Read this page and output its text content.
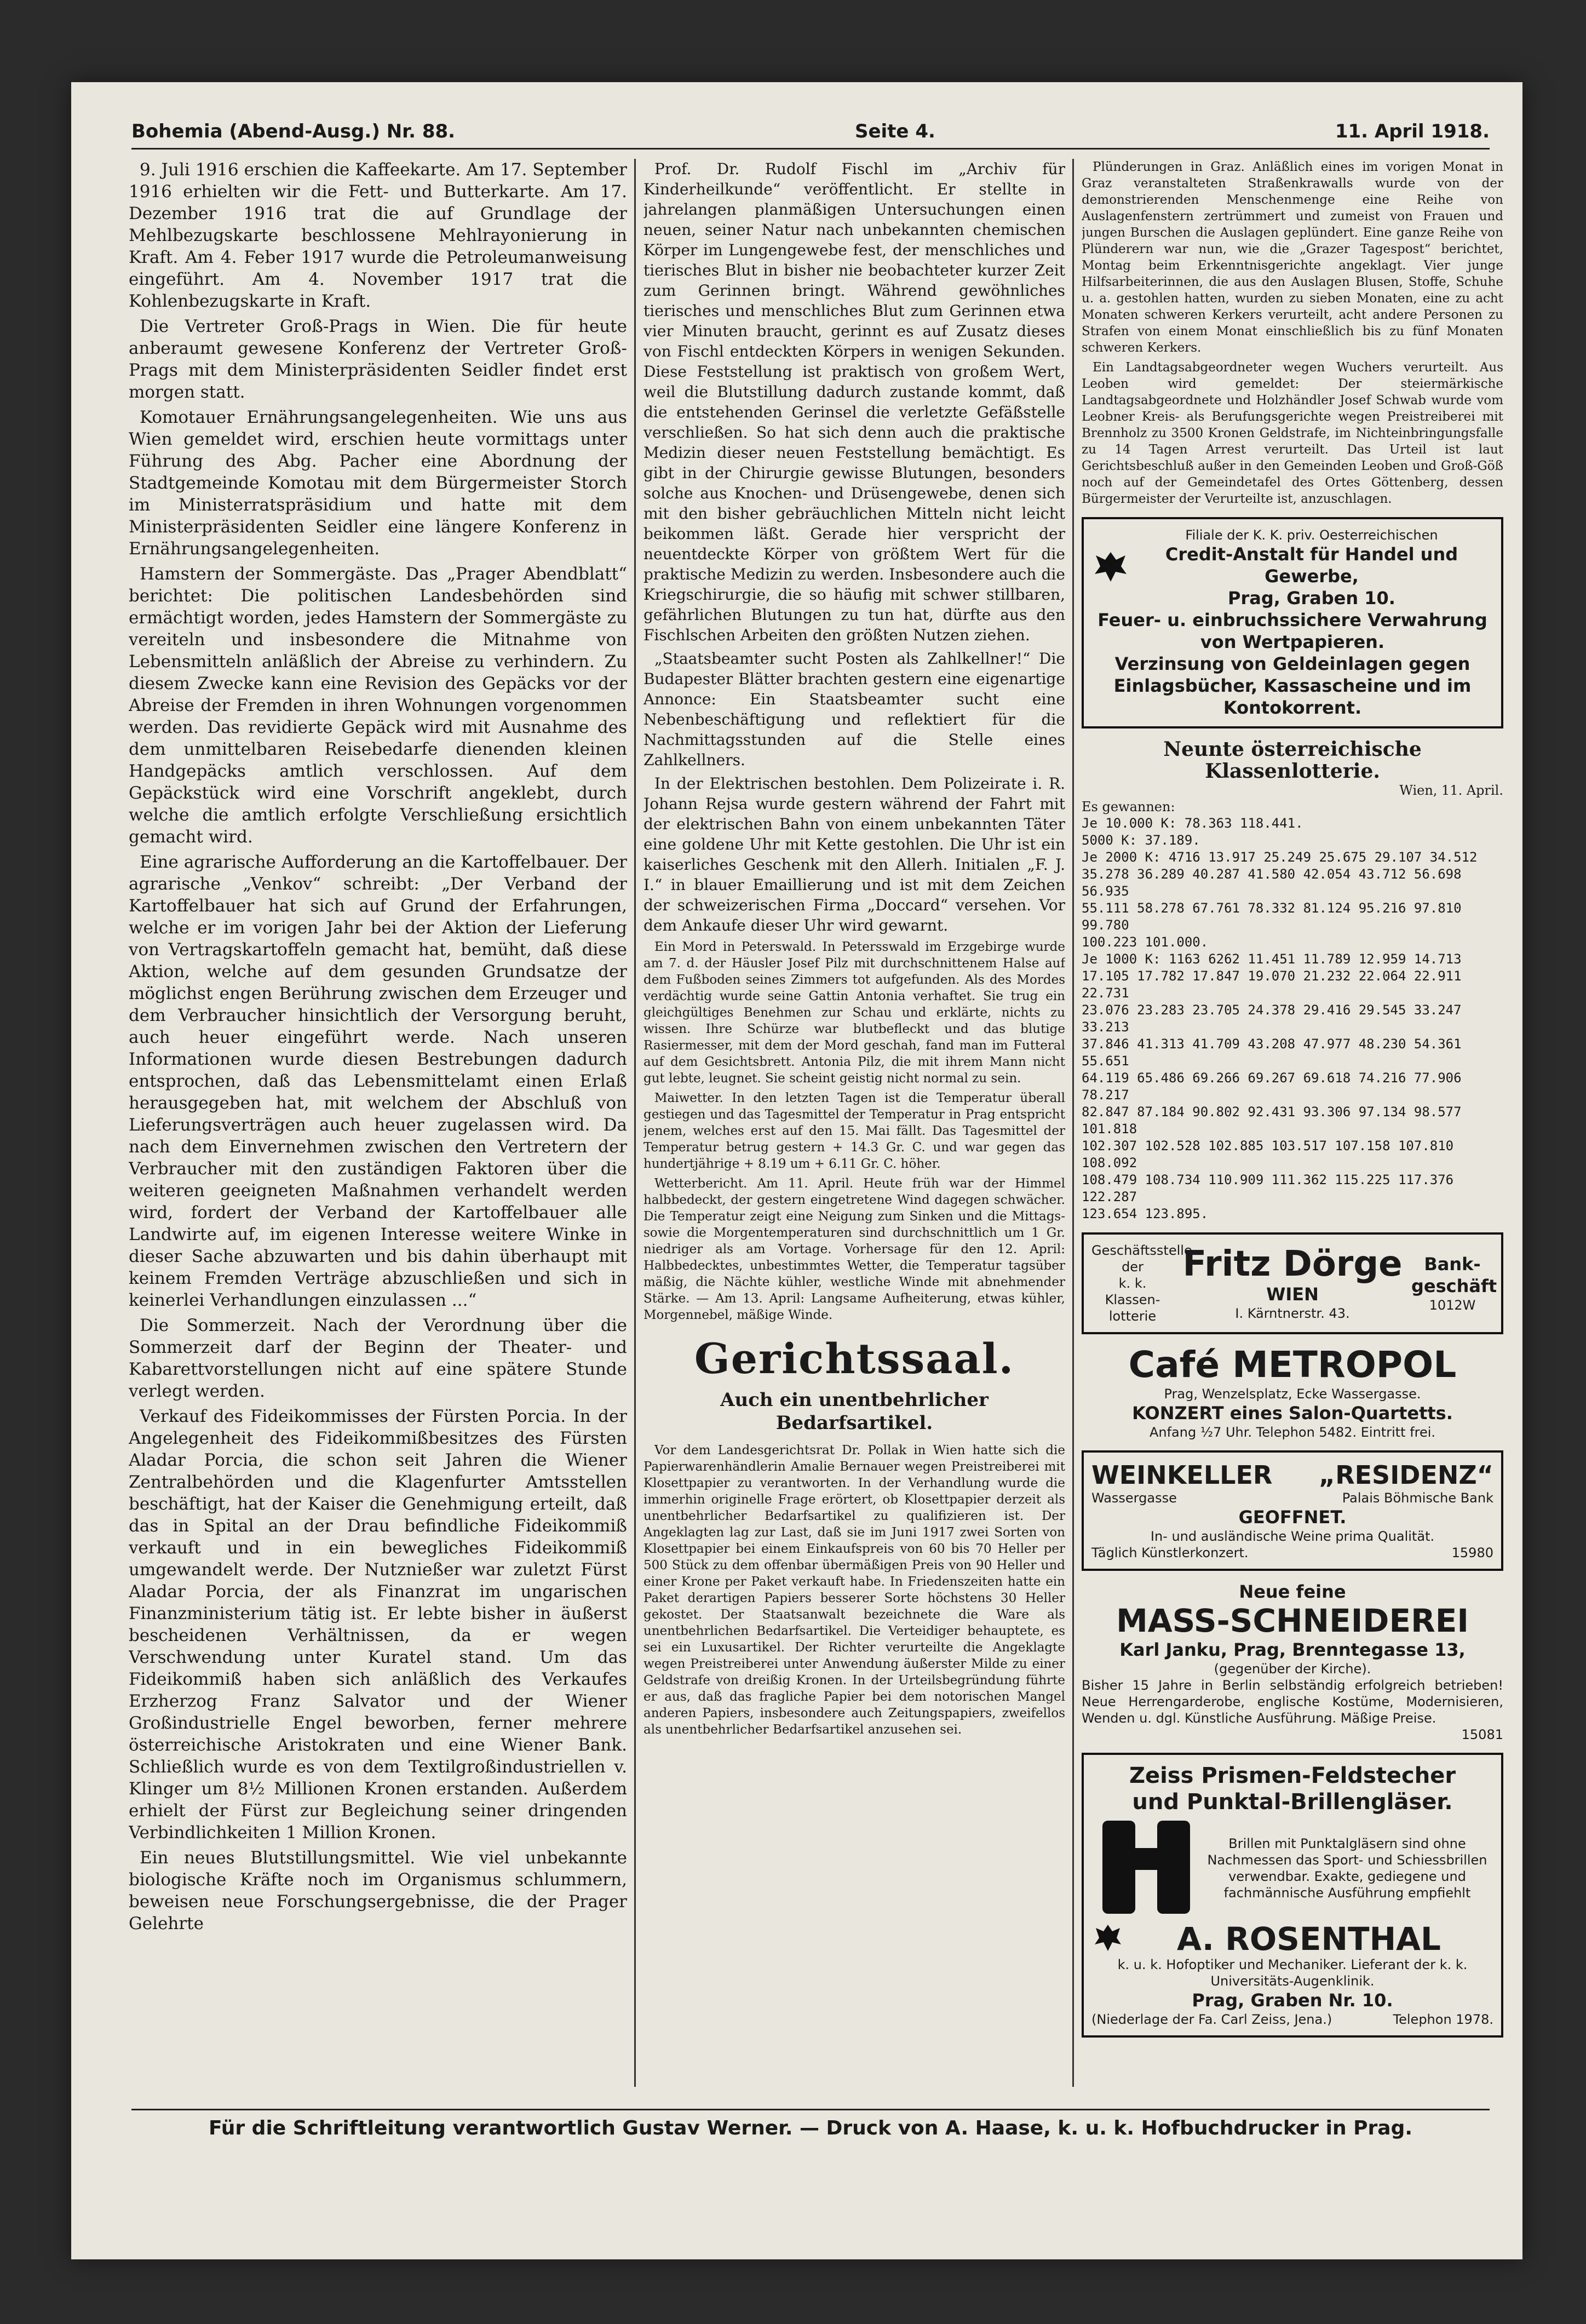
Bohemia (Abend-Ausg.) Nr. 88.	Seite 4.	11. April 1918.

9. Juli 1916 erschien die Kaffeekarte. Am 17. September 1916 erhielten wir die Fett- und Butterkarte. Am 17. Dezember 1916 trat die auf Grundlage der Mehlbezugskarte beschlossene Mehlrayonierung in Kraft. Am 4. Feber 1917 wurde die Petroleumanweisung eingeführt. Am 4. November 1917 trat die Kohlenbezugskarte in Kraft.

Die Vertreter Groß-Prags in Wien. Die für heute anberaumt gewesene Konferenz der Vertreter Groß-Prags mit dem Ministerpräsidenten Seidler findet erst morgen statt.

Komotauer Ernährungsangelegenheiten. Wie uns aus Wien gemeldet wird, erschien heute vormittags unter Führung des Abg. Pacher eine Abordnung der Stadtgemeinde Komotau mit dem Bürgermeister Storch im Ministerratspräsidium und hatte mit dem Ministerpräsidenten Seidler eine längere Konferenz in Ernährungsangelegenheiten.

Hamstern der Sommergäste. Das „Prager Abendblatt“ berichtet: Die politischen Landesbehörden sind ermächtigt worden, jedes Hamstern der Sommergäste zu vereiteln und insbesondere die Mitnahme von Lebensmitteln anläßlich der Abreise zu verhindern. Zu diesem Zwecke kann eine Revision des Gepäcks vor der Abreise der Fremden in ihren Wohnungen vorgenommen werden. Das revidierte Gepäck wird mit Ausnahme des dem unmittelbaren Reisebedarfe dienenden kleinen Handgepäcks amtlich verschlossen. Auf dem Gepäckstück wird eine Vorschrift angeklebt, durch welche die amtlich erfolgte Verschließung ersichtlich gemacht wird.

Eine agrarische Aufforderung an die Kartoffelbauer. Der agrarische „Venkov“ schreibt: „Der Verband der Kartoffelbauer hat sich auf Grund der Erfahrungen, welche er im vorigen Jahr bei der Aktion der Lieferung von Vertragskartoffeln gemacht hat, bemüht, daß diese Aktion, welche auf dem gesunden Grundsatze der möglichst engen Berührung zwischen dem Erzeuger und dem Verbraucher hinsichtlich der Versorgung beruht, auch heuer eingeführt werde. Nach unseren Informationen wurde diesen Bestrebungen dadurch entsprochen, daß das Lebensmittelamt einen Erlaß herausgegeben hat, mit welchem der Abschluß von Lieferungsverträgen auch heuer zugelassen wird. Da nach dem Einvernehmen zwischen den Vertretern der Verbraucher mit den zuständigen Faktoren über die weiteren geeigneten Maßnahmen verhandelt werden wird, fordert der Verband der Kartoffelbauer alle Landwirte auf, im eigenen Interesse weitere Winke in dieser Sache abzuwarten und bis dahin überhaupt mit keinem Fremden Verträge abzuschließen und sich in keinerlei Verhandlungen einzulassen ...“

Die Sommerzeit. Nach der Verordnung über die Sommerzeit darf der Beginn der Theater- und Kabarettvorstellungen nicht auf eine spätere Stunde verlegt werden.

Verkauf des Fideikommisses der Fürsten Porcia. In der Angelegenheit des Fideikommißbesitzes des Fürsten Aladar Porcia, die schon seit Jahren die Wiener Zentralbehörden und die Klagenfurter Amtsstellen beschäftigt, hat der Kaiser die Genehmigung erteilt, daß das in Spital an der Drau befindliche Fideikommiß verkauft und in ein bewegliches Fideikommiß umgewandelt werde. Der Nutznießer war zuletzt Fürst Aladar Porcia, der als Finanzrat im ungarischen Finanzministerium tätig ist. Er lebte bisher in äußerst bescheidenen Verhältnissen, da er wegen Verschwendung unter Kuratel stand. Um das Fideikommiß haben sich anläßlich des Verkaufes Erzherzog Franz Salvator und der Wiener Großindustrielle Engel beworben, ferner mehrere österreichische Aristokraten und eine Wiener Bank. Schließlich wurde es von dem Textilgroßindustriellen v. Klinger um 8½ Millionen Kronen erstanden. Außerdem erhielt der Fürst zur Begleichung seiner dringenden Verbindlichkeiten 1 Million Kronen.

Ein neues Blutstillungsmittel. Wie viel unbekannte biologische Kräfte noch im Organismus schlummern, beweisen neue Forschungsergebnisse, die der Prager Gelehrte

Prof. Dr. Rudolf Fischl im „Archiv für Kinderheilkunde“ veröffentlicht. Er stellte in jahrelangen planmäßigen Untersuchungen einen neuen, seiner Natur nach unbekannten chemischen Körper im Lungengewebe fest, der menschliches und tierisches Blut in bisher nie beobachteter kurzer Zeit zum Gerinnen bringt. Während gewöhnliches tierisches und menschliches Blut zum Gerinnen etwa vier Minuten braucht, gerinnt es auf Zusatz dieses von Fischl entdeckten Körpers in wenigen Sekunden. Diese Feststellung ist praktisch von großem Wert, weil die Blutstillung dadurch zustande kommt, daß die entstehenden Gerinsel die verletzte Gefäßstelle verschließen. So hat sich denn auch die praktische Medizin dieser neuen Feststellung bemächtigt. Es gibt in der Chirurgie gewisse Blutungen, besonders solche aus Knochen- und Drüsengewebe, denen sich mit den bisher gebräuchlichen Mitteln nicht leicht beikommen läßt. Gerade hier verspricht der neuentdeckte Körper von größtem Wert für die praktische Medizin zu werden. Insbesondere auch die Kriegschirurgie, die so häufig mit schwer stillbaren, gefährlichen Blutungen zu tun hat, dürfte aus den Fischlschen Arbeiten den größten Nutzen ziehen.

„Staatsbeamter sucht Posten als Zahlkellner!“ Die Budapester Blätter brachten gestern eine eigenartige Annonce: Ein Staatsbeamter sucht eine Nebenbeschäftigung und reflektiert für die Nachmittagsstunden auf die Stelle eines Zahlkellners.

In der Elektrischen bestohlen. Dem Polizeirate i. R. Johann Rejsa wurde gestern während der Fahrt mit der elektrischen Bahn von einem unbekannten Täter eine goldene Uhr mit Kette gestohlen. Die Uhr ist ein kaiserliches Geschenk mit den Allerh. Initialen „F. J. I.“ in blauer Emaillierung und ist mit dem Zeichen der schweizerischen Firma „Doccard“ versehen. Vor dem Ankaufe dieser Uhr wird gewarnt.

Ein Mord in Peterswald. In Petersswald im Erzgebirge wurde am 7. d. der Häusler Josef Pilz mit durchschnittenem Halse auf dem Fußboden seines Zimmers tot aufgefunden. Als des Mordes verdächtig wurde seine Gattin Antonia verhaftet. Sie trug ein gleichgültiges Benehmen zur Schau und erklärte, nichts zu wissen. Ihre Schürze war blutbefleckt und das blutige Rasiermesser, mit dem der Mord geschah, fand man im Futteral auf dem Gesichtsbrett. Antonia Pilz, die mit ihrem Mann nicht gut lebte, leugnet. Sie scheint geistig nicht normal zu sein.

Maiwetter. In den letzten Tagen ist die Temperatur überall gestiegen und das Tagesmittel der Temperatur in Prag entspricht jenem, welches erst auf den 15. Mai fällt. Das Tagesmittel der Temperatur betrug gestern + 14.3 Gr. C. und war gegen das hundertjährige + 8.19 um + 6.11 Gr. C. höher.

Wetterbericht. Am 11. April. Heute früh war der Himmel halbbedeckt, der gestern eingetretene Wind dagegen schwächer. Die Temperatur zeigt eine Neigung zum Sinken und die Mittags- sowie die Morgentemperaturen sind durchschnittlich um 1 Gr. niedriger als am Vortage. Vorhersage für den 12. April: Halbbedecktes, unbestimmtes Wetter, die Temperatur tagsüber mäßig, die Nächte kühler, westliche Winde mit abnehmender Stärke. — Am 13. April: Langsame Aufheiterung, etwas kühler, Morgennebel, mäßige Winde.

Gerichtssaal.
Auch ein unentbehrlicher Bedarfsartikel.

Vor dem Landesgerichtsrat Dr. Pollak in Wien hatte sich die Papierwarenhändlerin Amalie Bernauer wegen Preistreiberei mit Klosettpapier zu verantworten. In der Verhandlung wurde die immerhin originelle Frage erörtert, ob Klosettpapier derzeit als unentbehrlicher Bedarfsartikel zu qualifizieren ist. Der Angeklagten lag zur Last, daß sie im Juni 1917 zwei Sorten von Klosettpapier bei einem Einkaufspreis von 60 bis 70 Heller per 500 Stück zu dem offenbar übermäßigen Preis von 90 Heller und einer Krone per Paket verkauft habe. In Friedenszeiten hatte ein Paket derartigen Papiers besserer Sorte höchstens 30 Heller gekostet. Der Staatsanwalt bezeichnete die Ware als unentbehrlichen Bedarfsartikel. Die Verteidiger behauptete, es sei ein Luxusartikel. Der Richter verurteilte die Angeklagte wegen Preistreiberei unter Anwendung äußerster Milde zu einer Geldstrafe von dreißig Kronen. In der Urteilsbegründung führte er aus, daß das fragliche Papier bei dem notorischen Mangel anderen Papiers, insbesondere auch Zeitungspapiers, zweifellos als unentbehrlicher Bedarfsartikel anzusehen sei.

Plünderungen in Graz. Anläßlich eines im vorigen Monat in Graz veranstalteten Straßenkrawalls wurde von der demonstrierenden Menschenmenge eine Reihe von Auslagenfenstern zertrümmert und zumeist von Frauen und jungen Burschen die Auslagen geplündert. Eine ganze Reihe von Plünderern war nun, wie die „Grazer Tagespost“ berichtet, Montag beim Erkenntnisgerichte angeklagt. Vier junge Hilfsarbeiterinnen, die aus den Auslagen Blusen, Stoffe, Schuhe u. a. gestohlen hatten, wurden zu sieben Monaten, eine zu acht Monaten schweren Kerkers verurteilt, acht andere Personen zu Strafen von einem Monat einschließlich bis zu fünf Monaten schweren Kerkers.

Ein Landtagsabgeordneter wegen Wuchers verurteilt. Aus Leoben wird gemeldet: Der steiermärkische Landtagsabgeordnete und Holzhändler Josef Schwab wurde vom Leobner Kreis- als Berufungsgerichte wegen Preistreiberei mit Brennholz zu 3500 Kronen Geldstrafe, im Nichteinbringungsfalle zu 14 Tagen Arrest verurteilt. Das Urteil ist laut Gerichtsbeschluß außer in den Gemeinden Leoben und Groß-Göß noch auf der Gemeindetafel des Ortes Göttenberg, dessen Bürgermeister der Verurteilte ist, anzuschlagen.

Filiale der K. K. priv. Oesterreichischen
Credit-Anstalt für Handel und Gewerbe,
Prag, Graben 10.
Feuer- u. einbruchssichere Verwahrung von Wertpapieren.
Verzinsung von Geldeinlagen gegen Einlagsbücher, Kassascheine und im Kontokorrent.
Neunte österreichische Klassenlotterie.
Wien, 11. April.
Es gewannen:
Je 10.000 K: 78.363 118.441.
5000 K: 37.189.
Je 2000 K: 4716 13.917 25.249 25.675 29.107 34.512
35.278 36.289 40.287 41.580 42.054 43.712 56.698 56.935
55.111 58.278 67.761 78.332 81.124 95.216 97.810 99.780
100.223 101.000.
Je 1000 K: 1163 6262 11.451 11.789 12.959 14.713
17.105 17.782 17.847 19.070 21.232 22.064 22.911 22.731
23.076 23.283 23.705 24.378 29.416 29.545 33.247 33.213
37.846 41.313 41.709 43.208 47.977 48.230 54.361 55.651
64.119 65.486 69.266 69.267 69.618 74.216 77.906 78.217
82.847 87.184 90.802 92.431 93.306 97.134 98.577 101.818
102.307 102.528 102.885 103.517 107.158 107.810 108.092
108.479 108.734 110.909 111.362 115.225 117.376 122.287
123.654 123.895.
Geschäftsstelle der
k. k. Klassen-lotterie
Fritz Dörge
WIEN
I. Kärntnerstr. 43.
Bank-geschäft
1012W
Café METROPOL
Prag, Wenzelsplatz, Ecke Wassergasse.
KONZERT eines Salon-Quartetts.
Anfang ½7 Uhr. Telephon 5482. Eintritt frei.
WEINKELLER „RESIDENZ“
Wassergasse	Palais Böhmische Bank
GEOFFNET.
In- und ausländische Weine prima Qualität.
Täglich Künstlerkonzert.	15980
Neue feine
MASS-SCHNEIDEREI
Karl Janku, Prag, Brenntegasse 13,
(gegenüber der Kirche).
Bisher 15 Jahre in Berlin selbständig erfolgreich betrieben! Neue Herrengarderobe, englische Kostüme, Modernisieren, Wenden u. dgl. Künstliche Ausführung. Mäßige Preise.
15081
Zeiss Prismen-Feldstecher
und Punktal-Brillengläser.
Brillen mit Punktalgläsern sind ohne Nachmessen das Sport- und Schiessbrillen verwendbar. Exakte, gediegene und fachmännische Ausführung empfiehlt
A. ROSENTHAL
k. u. k. Hofoptiker und Mechaniker. Lieferant der k. k. Universitäts-Augenklinik.
Prag, Graben Nr. 10.
(Niederlage der Fa. Carl Zeiss, Jena.)	Telephon 1978.
Für die Schriftleitung verantwortlich Gustav Werner. — Druck von A. Haase, k. u. k. Hofbuchdrucker in Prag.
